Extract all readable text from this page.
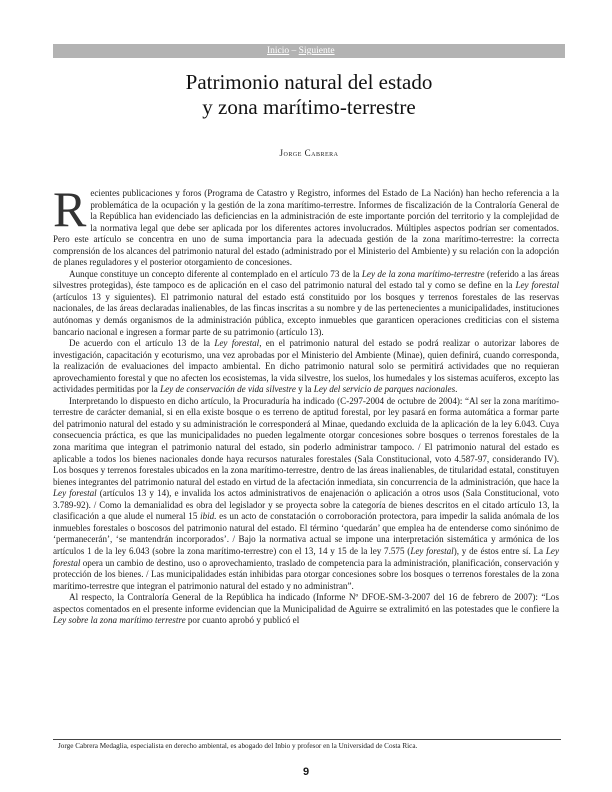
Inicio – Siguiente
Patrimonio natural del estado
y zona marítimo-terrestre
Jorge Cabrera

Recientes publicaciones y foros (Programa de Catastro y Registro, informes del Estado de La Nación) han hecho referencia a la problemática de la ocupación y la gestión de la zona marítimo-terrestre. Informes de fiscalización de la Contraloría General de la República han evidenciado las deficiencias en la administración de este importante porción del territorio y la complejidad de la normativa legal que debe ser aplicada por los diferentes actores involucrados. Múltiples aspectos podrían ser comentados. Pero este artículo se concentra en uno de suma importancia para la adecuada gestión de la zona marítimo-terrestre: la correcta comprensión de los alcances del patrimonio natural del estado (administrado por el Ministerio del Ambiente) y su relación con la adopción de planes reguladores y el posterior otorgamiento de concesiones.

Aunque constituye un concepto diferente al contemplado en el artículo 73 de la Ley de la zona marítimo-terrestre (referido a las áreas silvestres protegidas), éste tampoco es de aplicación en el caso del patrimonio natural del estado tal y como se define en la Ley forestal (artículos 13 y siguientes). El patrimonio natural del estado está constituido por los bosques y terrenos forestales de las reservas nacionales, de las áreas declaradas inalienables, de las fincas inscritas a su nombre y de las pertenecientes a municipalidades, instituciones autónomas y demás organismos de la administración pública, excepto inmuebles que garanticen operaciones crediticias con el sistema bancario nacional e ingresen a formar parte de su patrimonio (artículo 13).

De acuerdo con el artículo 13 de la Ley forestal, en el patrimonio natural del estado se podrá realizar o autorizar labores de investigación, capacitación y ecoturismo, una vez aprobadas por el Ministerio del Ambiente (Minae), quien definirá, cuando corresponda, la realización de evaluaciones del impacto ambiental. En dicho patrimonio natural solo se permitirá actividades que no requieran aprovechamiento forestal y que no afecten los ecosistemas, la vida silvestre, los suelos, los humedales y los sistemas acuíferos, excepto las actividades permitidas por la Ley de conservación de vida silvestre y la Ley del servicio de parques nacionales.

Interpretando lo dispuesto en dicho artículo, la Procuraduría ha indicado (C-297-2004 de octubre de 2004): “Al ser la zona marítimo-terrestre de carácter demanial, si en ella existe bosque o es terreno de aptitud forestal, por ley pasará en forma automática a formar parte del patrimonio natural del estado y su administración le corresponderá al Minae, quedando excluida de la aplicación de la ley 6.043. Cuya consecuencia práctica, es que las municipalidades no pueden legalmente otorgar concesiones sobre bosques o terrenos forestales de la zona marítima que integran el patrimonio natural del estado, sin poderlo administrar tampoco. / El patrimonio natural del estado es aplicable a todos los bienes nacionales donde haya recursos naturales forestales (Sala Constitucional, voto 4.587-97, considerando IV). Los bosques y terrenos forestales ubicados en la zona marítimo-terrestre, dentro de las áreas inalienables, de titularidad estatal, constituyen bienes integrantes del patrimonio natural del estado en virtud de la afectación inmediata, sin concurrencia de la administración, que hace la Ley forestal (artículos 13 y 14), e invalida los actos administrativos de enajenación o aplicación a otros usos (Sala Constitucional, voto 3.789-92). / Como la demanialidad es obra del legislador y se proyecta sobre la categoría de bienes descritos en el citado artículo 13, la clasificación a que alude el numeral 15 ibid. es un acto de constatación o corroboración protectora, para impedir la salida anómala de los inmuebles forestales o boscosos del patrimonio natural del estado. El término ‘quedarán’ que emplea ha de entenderse como sinónimo de ‘permanecerán’, ‘se mantendrán incorporados’. / Bajo la normativa actual se impone una interpretación sistemática y armónica de los artículos 1 de la ley 6.043 (sobre la zona marítimo-terrestre) con el 13, 14 y 15 de la ley 7.575 (Ley forestal), y de éstos entre sí. La Ley forestal opera un cambio de destino, uso o aprovechamiento, traslado de competencia para la administración, planificación, conservación y protección de los bienes. / Las municipalidades están inhibidas para otorgar concesiones sobre los bosques o terrenos forestales de la zona marítimo-terrestre que integran el patrimonio natural del estado y no administran”.

Al respecto, la Contraloría General de la República ha indicado (Informe Nº DFOE-SM-3-2007 del 16 de febrero de 2007): “Los aspectos comentados en el presente informe evidencian que la Municipalidad de Aguirre se extralimitó en las potestades que le confiere la Ley sobre la zona marítimo terrestre por cuanto aprobó y publicó el

Jorge Cabrera Medaglia, especialista en derecho ambiental, es abogado del Inbio y profesor en la Universidad de Costa Rica.
9
